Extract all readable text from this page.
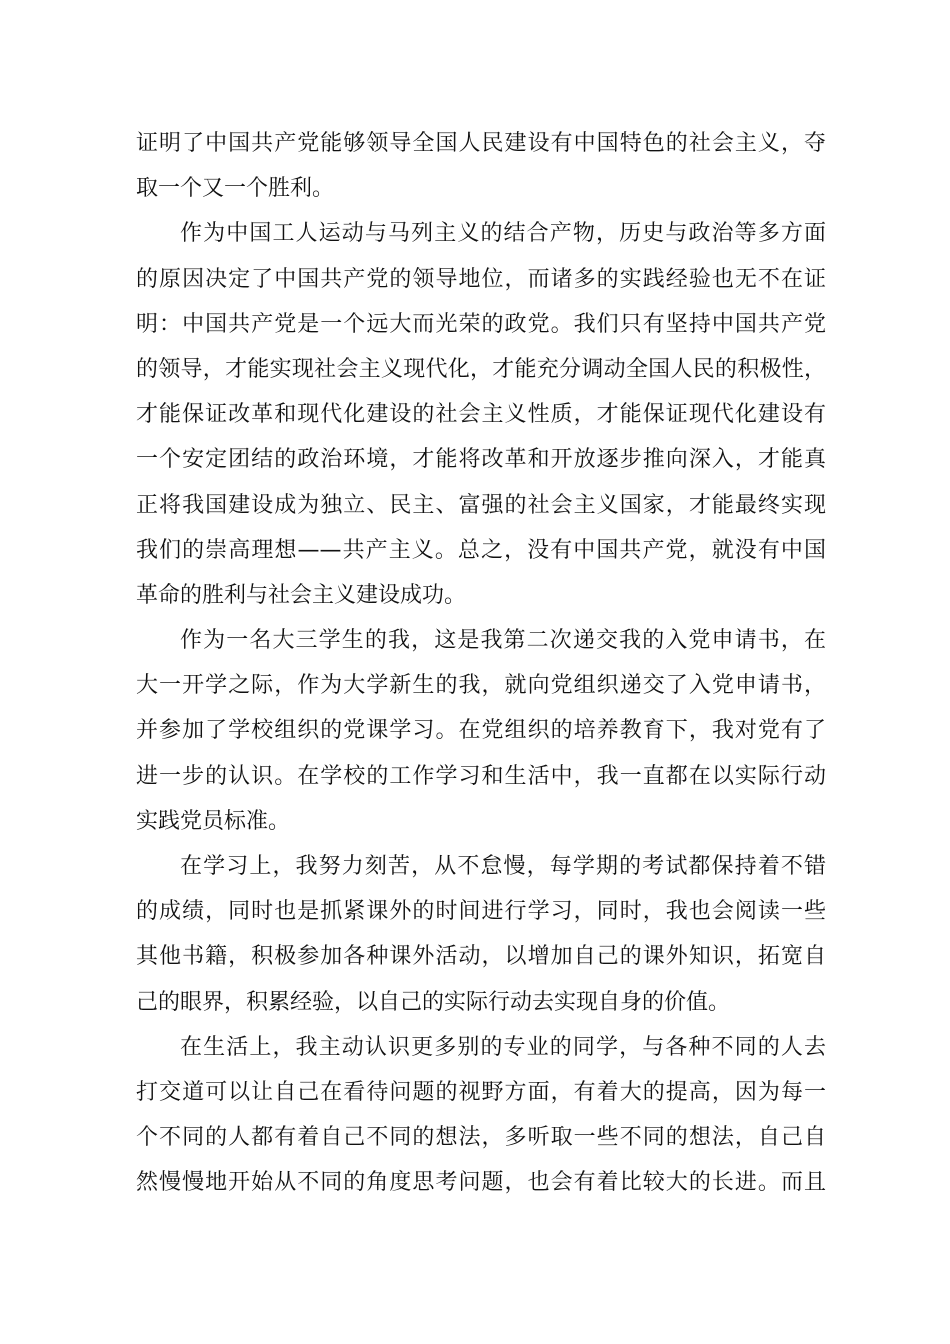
证明了中国共产党能够领导全国人民建设有中国特色的社会主义，夺
取一个又一个胜利。
作为中国工人运动与马列主义的结合产物，历史与政治等多方面
的原因决定了中国共产党的领导地位，而诸多的实践经验也无不在证
明：中国共产党是一个远大而光荣的政党。我们只有坚持中国共产党
的领导，才能实现社会主义现代化，才能充分调动全国人民的积极性，
才能保证改革和现代化建设的社会主义性质，才能保证现代化建设有
一个安定团结的政治环境，才能将改革和开放逐步推向深入，才能真
正将我国建设成为独立、民主、富强的社会主义国家，才能最终实现
我们的崇高理想——共产主义。总之，没有中国共产党，就没有中国
革命的胜利与社会主义建设成功。
作为一名大三学生的我，这是我第二次递交我的入党申请书，在
大一开学之际，作为大学新生的我，就向党组织递交了入党申请书，
并参加了学校组织的党课学习。在党组织的培养教育下，我对党有了
进一步的认识。在学校的工作学习和生活中，我一直都在以实际行动
实践党员标准。
在学习上，我努力刻苦，从不怠慢，每学期的考试都保持着不错
的成绩，同时也是抓紧课外的时间进行学习，同时，我也会阅读一些
其他书籍，积极参加各种课外活动，以增加自己的课外知识，拓宽自
己的眼界，积累经验，以自己的实际行动去实现自身的价值。
在生活上，我主动认识更多别的专业的同学，与各种不同的人去
打交道可以让自己在看待问题的视野方面，有着大的提高，因为每一
个不同的人都有着自己不同的想法，多听取一些不同的想法，自己自
然慢慢地开始从不同的角度思考问题，也会有着比较大的长进。而且
